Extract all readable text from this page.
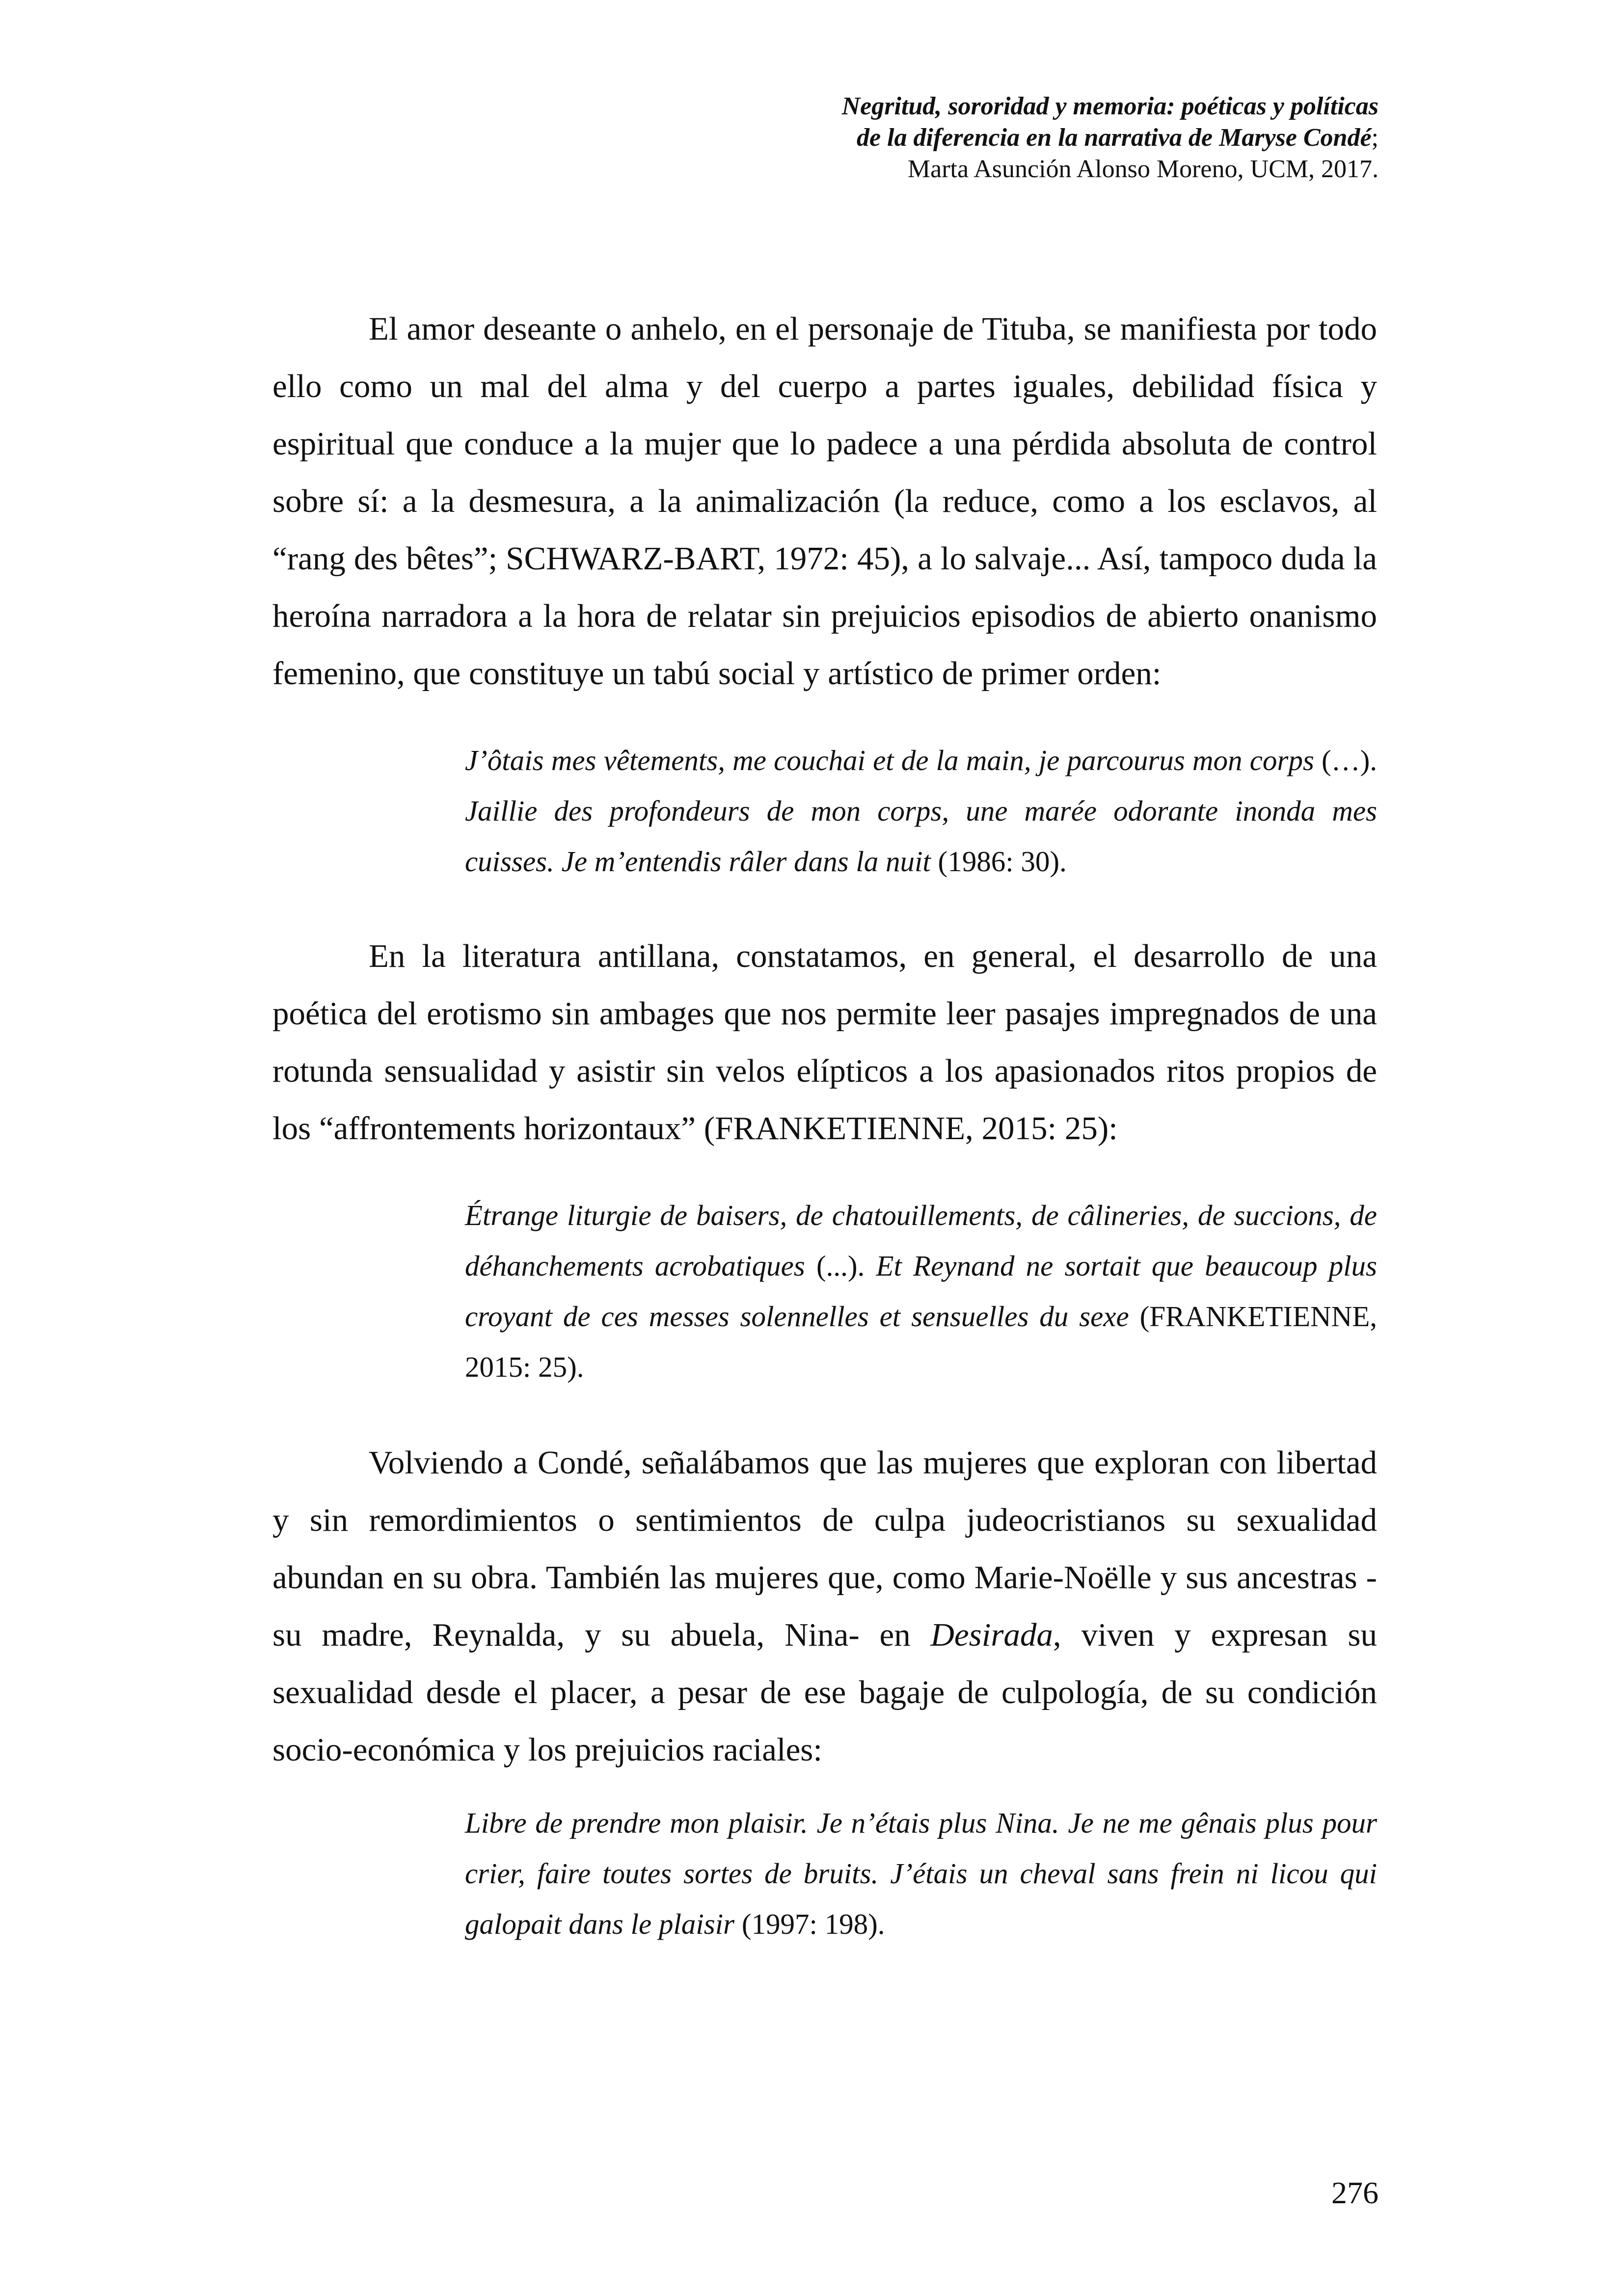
Negritud, sororidad y memoria: poéticas y políticas
de la diferencia en la narrativa de Maryse Condé;
Marta Asunción Alonso Moreno, UCM, 2017.

El amor deseante o anhelo, en el personaje de Tituba, se manifiesta por todo ello como un mal del alma y del cuerpo a partes iguales, debilidad física y espiritual que conduce a la mujer que lo padece a una pérdida absoluta de control sobre sí: a la desmesura, a la animalización (la reduce, como a los esclavos, al “rang des bêtes”; SCHWARZ-BART, 1972: 45), a lo salvaje... Así, tampoco duda la heroína narradora a la hora de relatar sin prejuicios episodios de abierto onanismo femenino, que constituye un tabú social y artístico de primer orden:

J’ôtais mes vêtements, me couchai et de la main, je parcourus mon corps (…). Jaillie des profondeurs de mon corps, une marée odorante inonda mes cuisses. Je m’entendis râler dans la nuit (1986: 30).

En la literatura antillana, constatamos, en general, el desarrollo de una poética del erotismo sin ambages que nos permite leer pasajes impregnados de una rotunda sensualidad y asistir sin velos elípticos a los apasionados ritos propios de los “affrontements horizontaux” (FRANKETIENNE, 2015: 25):

Étrange liturgie de baisers, de chatouillements, de câlineries, de succions, de déhanchements acrobatiques (...). Et Reynand ne sortait que beaucoup plus croyant de ces messes solennelles et sensuelles du sexe (FRANKETIENNE, 2015: 25).

Volviendo a Condé, señalábamos que las mujeres que exploran con libertad y sin remordimientos o sentimientos de culpa judeocristianos su sexualidad abundan en su obra. También las mujeres que, como Marie-Noëlle y sus ancestras -su madre, Reynalda, y su abuela, Nina- en Desirada, viven y expresan su sexualidad desde el placer, a pesar de ese bagaje de culpología, de su condición socio-económica y los prejuicios raciales:

Libre de prendre mon plaisir. Je n’étais plus Nina. Je ne me gênais plus pour crier, faire toutes sortes de bruits. J’étais un cheval sans frein ni licou qui galopait dans le plaisir (1997: 198).

276
